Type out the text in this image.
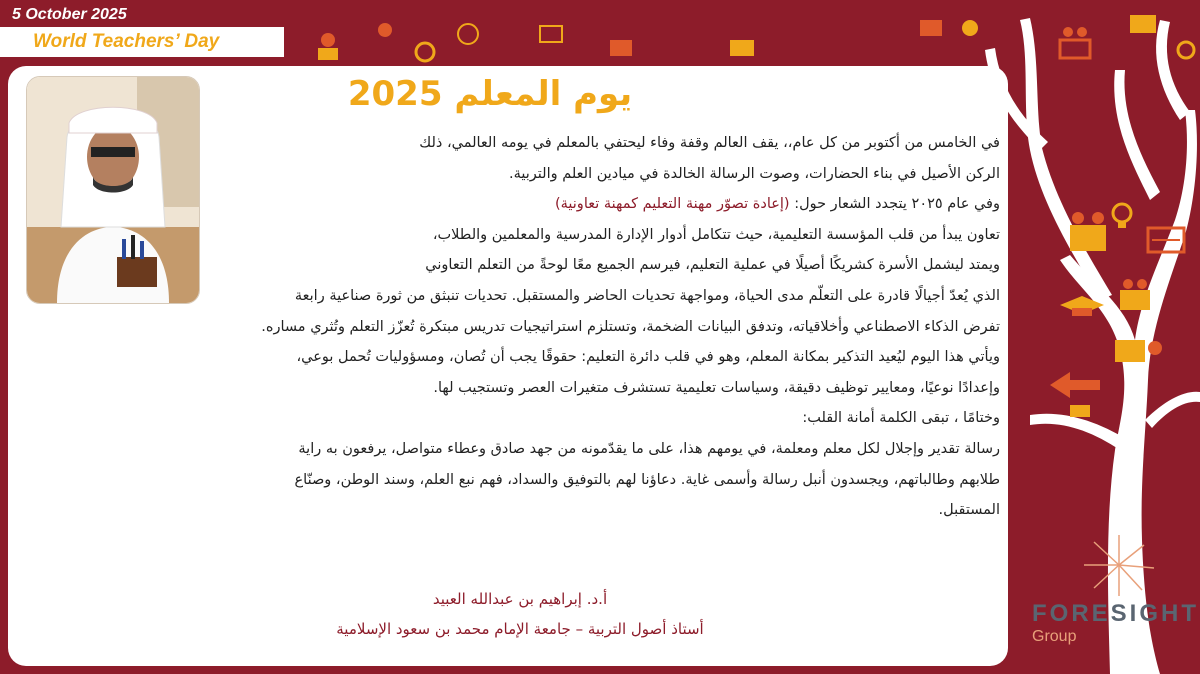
5 October 2025
World Teachers’ Day
يوم المعلم 2025
في الخامس من أكتوبر من كل عام،، يقف العالم وقفة وفاء ليحتفي بالمعلم في يومه العالمي، ذلك
الركن الأصيل في بناء الحضارات، وصوت الرسالة الخالدة في ميادين العلم والتربية.
وفي عام ٢٠٢٥ يتجدد الشعار حول: (إعادة تصوّر مهنة التعليم كمهنة تعاونية)
تعاون يبدأ من قلب المؤسسة التعليمية، حيث تتكامل أدوار الإدارة المدرسية والمعلمين والطلاب،
ويمتد ليشمل الأسرة كشريكًا أصيلًا في عملية التعليم، فيرسم الجميع معًا لوحةً من التعلم التعاوني
الذي يُعدّ أجيالًا قادرة على التعلّم مدى الحياة، ومواجهة تحديات الحاضر والمستقبل. تحديات تنبثق من ثورة صناعية رابعة
تفرض الذكاء الاصطناعي وأخلاقياته، وتدفق البيانات الضخمة، وتستلزم استراتيجيات تدريس مبتكرة تُعزّز التعلم وتُثري مساره.
ويأتي هذا اليوم ليُعيد التذكير بمكانة المعلم، وهو في قلب دائرة التعليم: حقوقًا يجب أن تُصان، ومسؤوليات تُحمل بوعي،
وإعدادًا نوعيًا، ومعايير توظيف دقيقة، وسياسات تعليمية تستشرف متغيرات العصر وتستجيب لها.
وختامًا ، تبقى الكلمة أمانة القلب:
رسالة تقدير وإجلال لكل معلم ومعلمة، في يومهم هذا، على ما يقدّمونه من جهد صادق وعطاء متواصل، يرفعون به راية
طلابهم وطالباتهم، ويجسدون أنبل رسالة وأسمى غاية. دعاؤنا لهم بالتوفيق والسداد، فهم نبع العلم، وسند الوطن، وصنّاع
المستقبل.
أ.د. إبراهيم بن عبدالله العبيد
أستاذ أصول التربية – جامعة الإمام محمد بن سعود الإسلامية
FORESIGHT
Group
